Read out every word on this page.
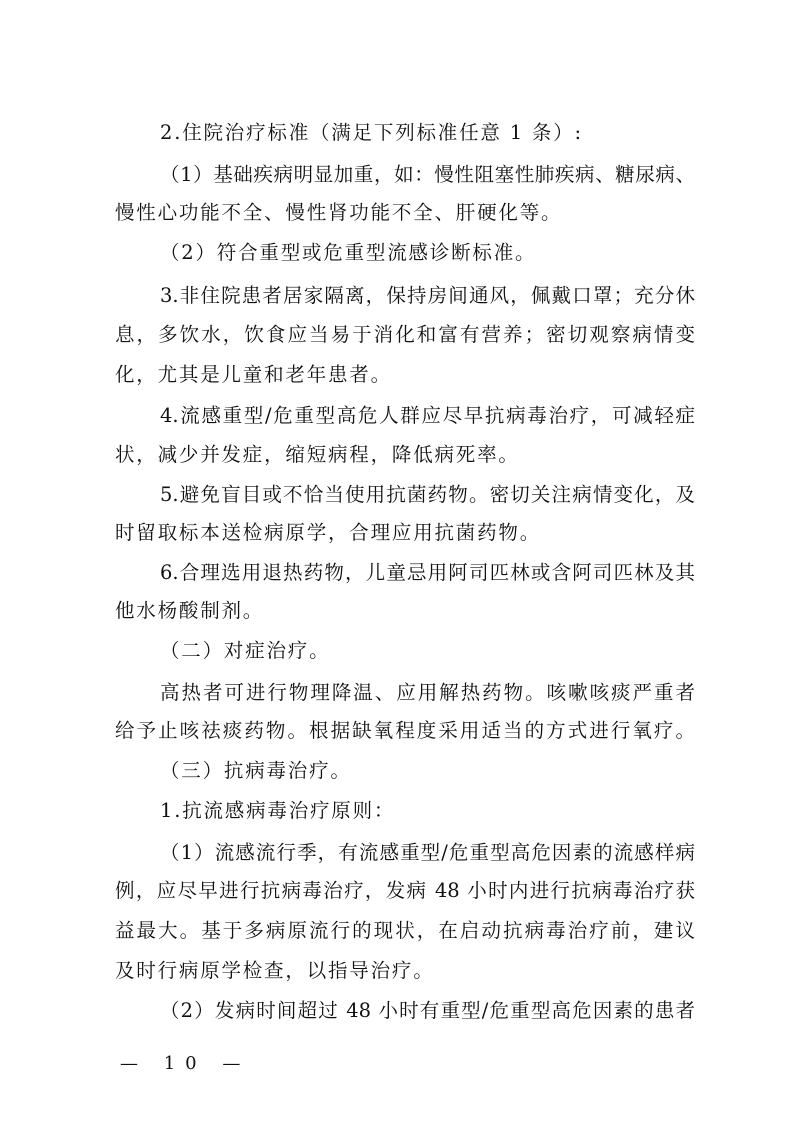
2.住院治疗标准（满足下列标准任意 1 条）:
（1）基础疾病明显加重，如：慢性阻塞性肺疾病、糖尿病、
慢性心功能不全、慢性肾功能不全、肝硬化等。
（2）符合重型或危重型流感诊断标准。
3.非住院患者居家隔离，保持房间通风，佩戴口罩；充分休
息，多饮水，饮食应当易于消化和富有营养；密切观察病情变
化，尤其是儿童和老年患者。
4.流感重型/危重型高危人群应尽早抗病毒治疗，可减轻症
状，减少并发症，缩短病程，降低病死率。
5.避免盲目或不恰当使用抗菌药物。密切关注病情变化，及
时留取标本送检病原学，合理应用抗菌药物。
6.合理选用退热药物，儿童忌用阿司匹林或含阿司匹林及其
他水杨酸制剂。
（二）对症治疗。
高热者可进行物理降温、应用解热药物。咳嗽咳痰严重者
给予止咳祛痰药物。根据缺氧程度采用适当的方式进行氧疗。
（三）抗病毒治疗。
1.抗流感病毒治疗原则：
（1）流感流行季，有流感重型/危重型高危因素的流感样病
例，应尽早进行抗病毒治疗，发病 48 小时内进行抗病毒治疗获
益最大。基于多病原流行的现状，在启动抗病毒治疗前，建议
及时行病原学检查，以指导治疗。
（2）发病时间超过 48 小时有重型/危重型高危因素的患者
— 10 —
